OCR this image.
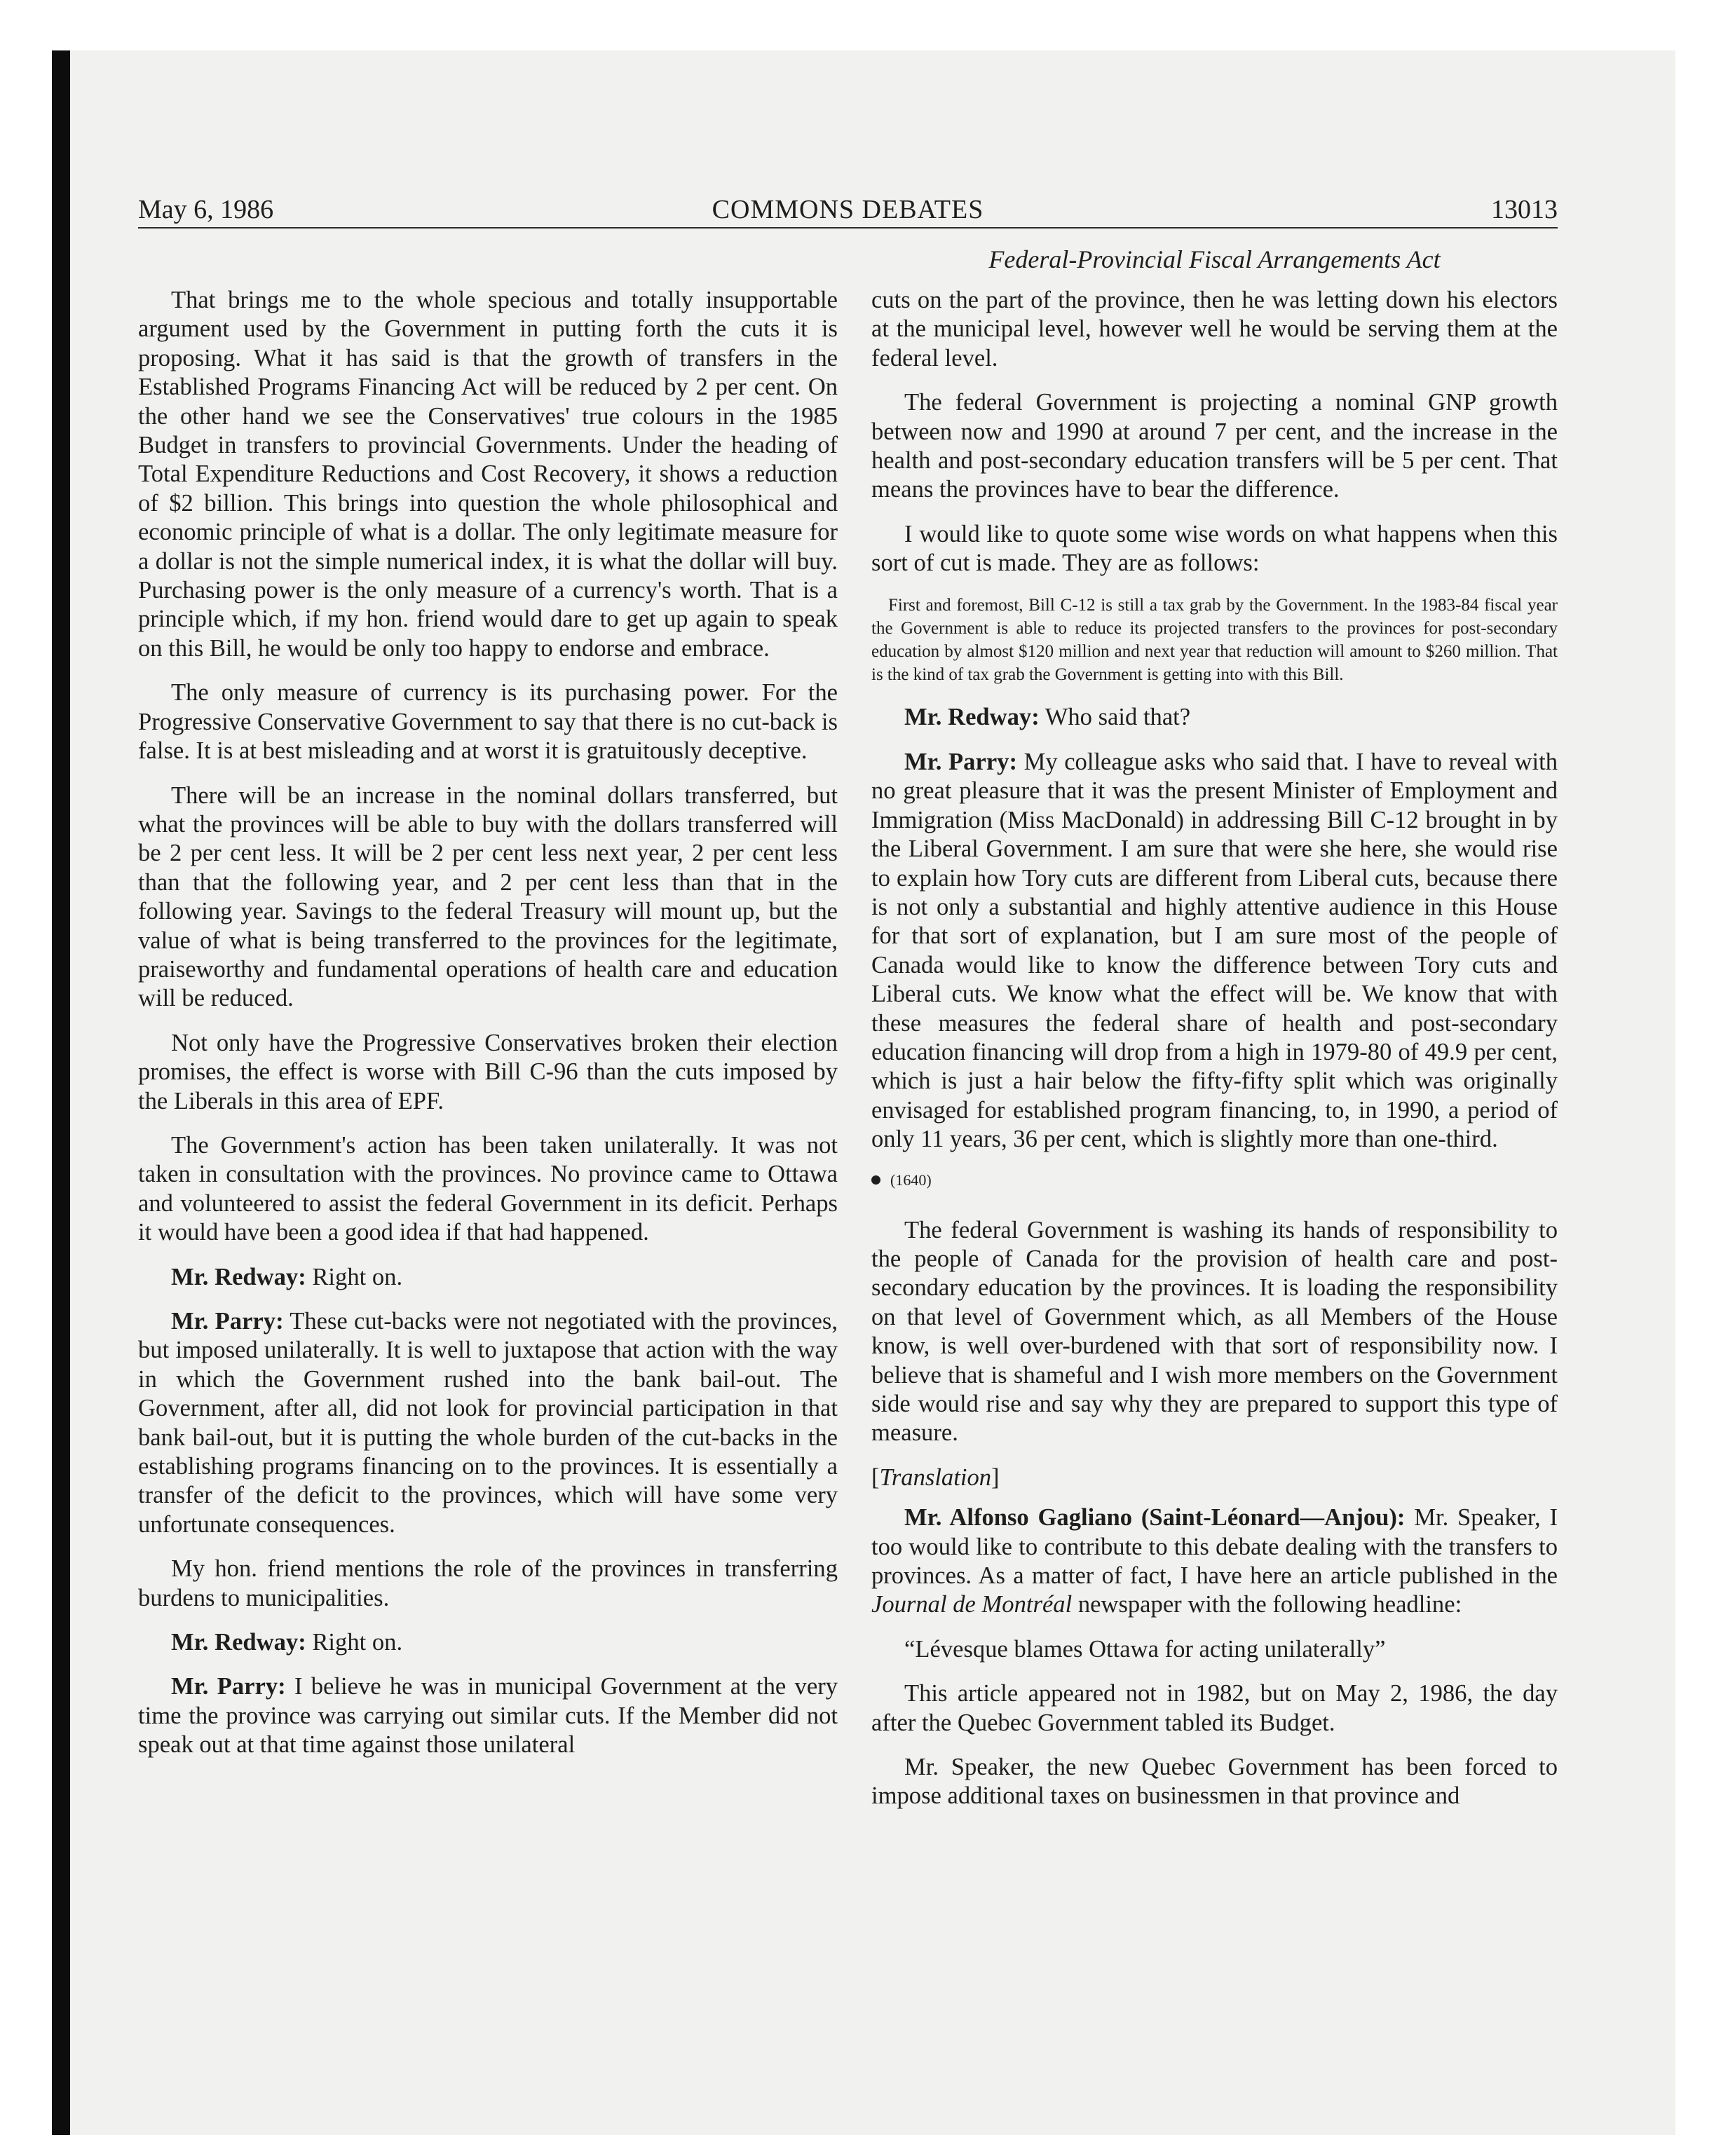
May 6, 1986	COMMONS DEBATES	13013
Federal-Provincial Fiscal Arrangements Act

That brings me to the whole specious and totally insupportable argument used by the Government in putting forth the cuts it is proposing. What it has said is that the growth of transfers in the Established Programs Financing Act will be reduced by 2 per cent. On the other hand we see the Conservatives' true colours in the 1985 Budget in transfers to provincial Governments. Under the heading of Total Expenditure Reductions and Cost Recovery, it shows a reduction of $2 billion. This brings into question the whole philosophical and economic principle of what is a dollar. The only legitimate measure for a dollar is not the simple numerical index, it is what the dollar will buy. Purchasing power is the only measure of a currency's worth. That is a principle which, if my hon. friend would dare to get up again to speak on this Bill, he would be only too happy to endorse and embrace.

The only measure of currency is its purchasing power. For the Progressive Conservative Government to say that there is no cut-back is false. It is at best misleading and at worst it is gratuitously deceptive.

There will be an increase in the nominal dollars transferred, but what the provinces will be able to buy with the dollars transferred will be 2 per cent less. It will be 2 per cent less next year, 2 per cent less than that the following year, and 2 per cent less than that in the following year. Savings to the federal Treasury will mount up, but the value of what is being transferred to the provinces for the legitimate, praiseworthy and fundamental operations of health care and education will be reduced.

Not only have the Progressive Conservatives broken their election promises, the effect is worse with Bill C-96 than the cuts imposed by the Liberals in this area of EPF.

The Government's action has been taken unilaterally. It was not taken in consultation with the provinces. No province came to Ottawa and volunteered to assist the federal Government in its deficit. Perhaps it would have been a good idea if that had happened.

Mr. Redway: Right on.

Mr. Parry: These cut-backs were not negotiated with the provinces, but imposed unilaterally. It is well to juxtapose that action with the way in which the Government rushed into the bank bail-out. The Government, after all, did not look for provincial participation in that bank bail-out, but it is putting the whole burden of the cut-backs in the establishing programs financing on to the provinces. It is essentially a transfer of the deficit to the provinces, which will have some very unfortunate consequences.

My hon. friend mentions the role of the provinces in transferring burdens to municipalities.

Mr. Redway: Right on.

Mr. Parry: I believe he was in municipal Government at the very time the province was carrying out similar cuts. If the Member did not speak out at that time against those unilateral

cuts on the part of the province, then he was letting down his electors at the municipal level, however well he would be serving them at the federal level.

The federal Government is projecting a nominal GNP growth between now and 1990 at around 7 per cent, and the increase in the health and post-secondary education transfers will be 5 per cent. That means the provinces have to bear the difference.

I would like to quote some wise words on what happens when this sort of cut is made. They are as follows:

First and foremost, Bill C-12 is still a tax grab by the Government. In the 1983-84 fiscal year the Government is able to reduce its projected transfers to the provinces for post-secondary education by almost $120 million and next year that reduction will amount to $260 million. That is the kind of tax grab the Government is getting into with this Bill.

Mr. Redway: Who said that?

Mr. Parry: My colleague asks who said that. I have to reveal with no great pleasure that it was the present Minister of Employment and Immigration (Miss MacDonald) in addressing Bill C-12 brought in by the Liberal Government. I am sure that were she here, she would rise to explain how Tory cuts are different from Liberal cuts, because there is not only a substantial and highly attentive audience in this House for that sort of explanation, but I am sure most of the people of Canada would like to know the difference between Tory cuts and Liberal cuts. We know what the effect will be. We know that with these measures the federal share of health and post-secondary education financing will drop from a high in 1979-80 of 49.9 per cent, which is just a hair below the fifty-fifty split which was originally envisaged for established program financing, to, in 1990, a period of only 11 years, 36 per cent, which is slightly more than one-third.

(1640)

The federal Government is washing its hands of responsibility to the people of Canada for the provision of health care and post-secondary education by the provinces. It is loading the responsibility on that level of Government which, as all Members of the House know, is well over-burdened with that sort of responsibility now. I believe that is shameful and I wish more members on the Government side would rise and say why they are prepared to support this type of measure.

[Translation]

Mr. Alfonso Gagliano (Saint-Léonard—Anjou): Mr. Speaker, I too would like to contribute to this debate dealing with the transfers to provinces. As a matter of fact, I have here an article published in the Journal de Montréal newspaper with the following headline:

“Lévesque blames Ottawa for acting unilaterally”

This article appeared not in 1982, but on May 2, 1986, the day after the Quebec Government tabled its Budget.

Mr. Speaker, the new Quebec Government has been forced to impose additional taxes on businessmen in that province and
